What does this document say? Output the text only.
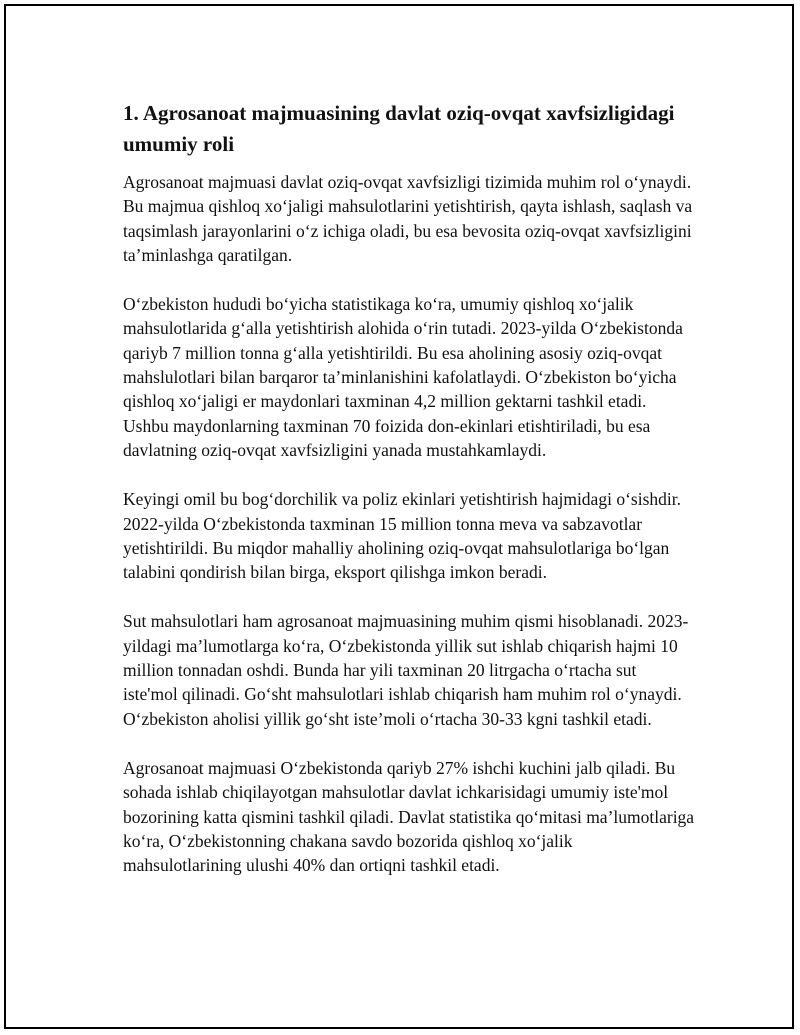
1. Agrosanoat majmuasining davlat oziq-ovqat xavfsizligidagi umumiy roli

Agrosanoat majmuasi davlat oziq-ovqat xavfsizligi tizimida muhim rol oʻynaydi. Bu majmua qishloq xoʻjaligi mahsulotlarini yetishtirish, qayta ishlash, saqlash va taqsimlash jarayonlarini oʻz ichiga oladi, bu esa bevosita oziq-ovqat xavfsizligini taʼminlashga qaratilgan.

Oʻzbekiston hududi boʻyicha statistikaga koʻra, umumiy qishloq xoʻjalik mahsulotlarida gʻalla yetishtirish alohida oʻrin tutadi. 2023-yilda Oʻzbekistonda qariyb 7 million tonna gʻalla yetishtirildi. Bu esa aholining asosiy oziq-ovqat mahslulotlari bilan barqaror taʼminlanishini kafolatlaydi. Oʻzbekiston boʻyicha qishloq xoʻjaligi er maydonlari taxminan 4,2 million gektarni tashkil etadi. Ushbu maydonlarning taxminan 70 foizida don-ekinlari etishtiriladi, bu esa davlatning oziq-ovqat xavfsizligini yanada mustahkamlaydi.

Keyingi omil bu bogʻdorchilik va poliz ekinlari yetishtirish hajmidagi oʻsishdir. 2022-yilda Oʻzbekistonda taxminan 15 million tonna meva va sabzavotlar yetishtirildi. Bu miqdor mahalliy aholining oziq-ovqat mahsulotlariga boʻlgan talabini qondirish bilan birga, eksport qilishga imkon beradi.

Sut mahsulotlari ham agrosanoat majmuasining muhim qismi hisoblanadi. 2023-yildagi maʼlumotlarga koʻra, Oʻzbekistonda yillik sut ishlab chiqarish hajmi 10 million tonnadan oshdi. Bunda har yili taxminan 20 litrgacha oʻrtacha sut iste'mol qilinadi. Goʻsht mahsulotlari ishlab chiqarish ham muhim rol oʻynaydi. Oʻzbekiston aholisi yillik goʻsht isteʼmoli oʻrtacha 30-33 kgni tashkil etadi.

Agrosanoat majmuasi Oʻzbekistonda qariyb 27% ishchi kuchini jalb qiladi. Bu sohada ishlab chiqilayotgan mahsulotlar davlat ichkarisidagi umumiy iste'mol bozorining katta qismini tashkil qiladi. Davlat statistika qoʻmitasi maʼlumotlariga koʻra, Oʻzbekistonning chakana savdo bozorida qishloq xoʻjalik mahsulotlarining ulushi 40% dan ortiqni tashkil etadi.
